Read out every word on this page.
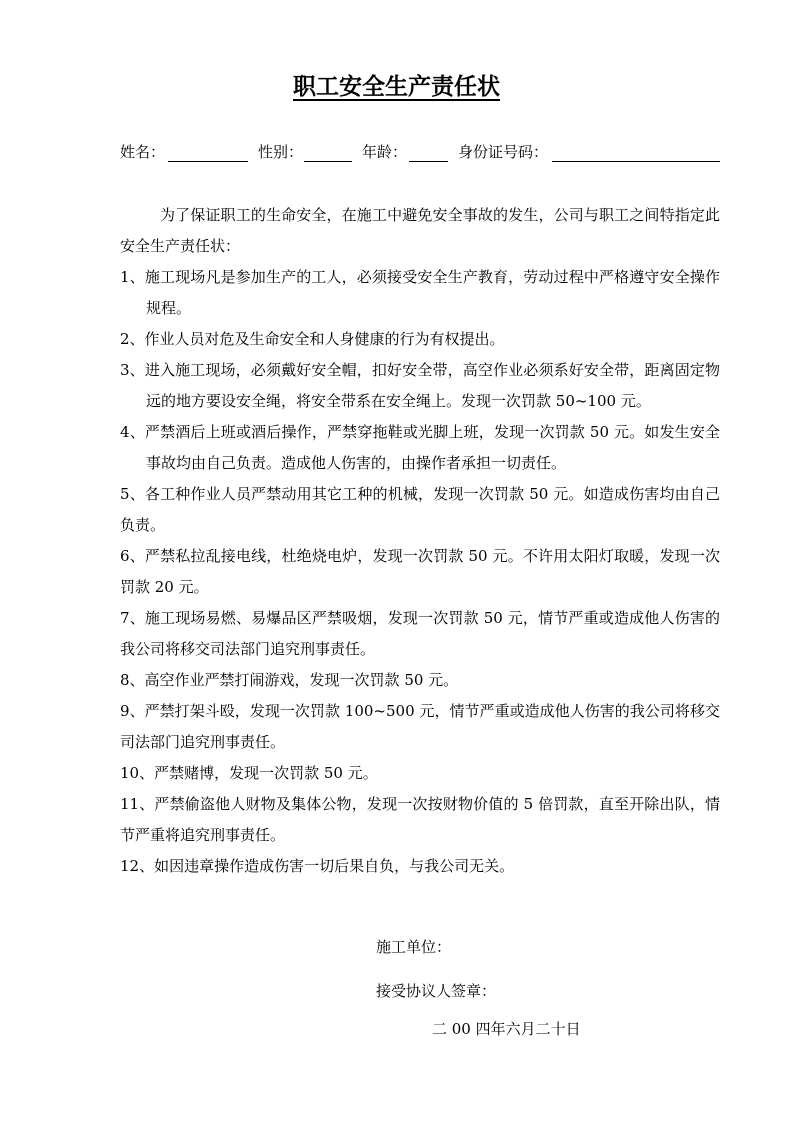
职工安全生产责任状
姓名：	性别：	年龄：	身份证号码：

为了保证职工的生命安全，在施工中避免安全事故的发生，公司与职工之间特指定此安全生产责任状：

1、施工现场凡是参加生产的工人，必须接受安全生产教育，劳动过程中严格遵守安全操作规程。
2、作业人员对危及生命安全和人身健康的行为有权提出。
3、进入施工现场，必须戴好安全帽，扣好安全带，高空作业必须系好安全带，距离固定物远的地方要设安全绳，将安全带系在安全绳上。发现一次罚款 50~100 元。
4、严禁酒后上班或酒后操作，严禁穿拖鞋或光脚上班，发现一次罚款 50 元。如发生安全事故均由自己负责。造成他人伤害的，由操作者承担一切责任。
5、各工种作业人员严禁动用其它工种的机械，发现一次罚款 50 元。如造成伤害均由自己负责。
6、严禁私拉乱接电线，杜绝烧电炉，发现一次罚款 50 元。不许用太阳灯取暖，发现一次罚款 20 元。
7、施工现场易燃、易爆品区严禁吸烟，发现一次罚款 50 元，情节严重或造成他人伤害的我公司将移交司法部门追究刑事责任。
8、高空作业严禁打闹游戏，发现一次罚款 50 元。
9、严禁打架斗殴，发现一次罚款 100~500 元，情节严重或造成他人伤害的我公司将移交司法部门追究刑事责任。
10、严禁赌博，发现一次罚款 50 元。
11、严禁偷盗他人财物及集体公物，发现一次按财物价值的 5 倍罚款，直至开除出队，情节严重将追究刑事责任。
12、如因违章操作造成伤害一切后果自负，与我公司无关。
施工单位：
接受协议人签章：
二 00 四年六月二十日
